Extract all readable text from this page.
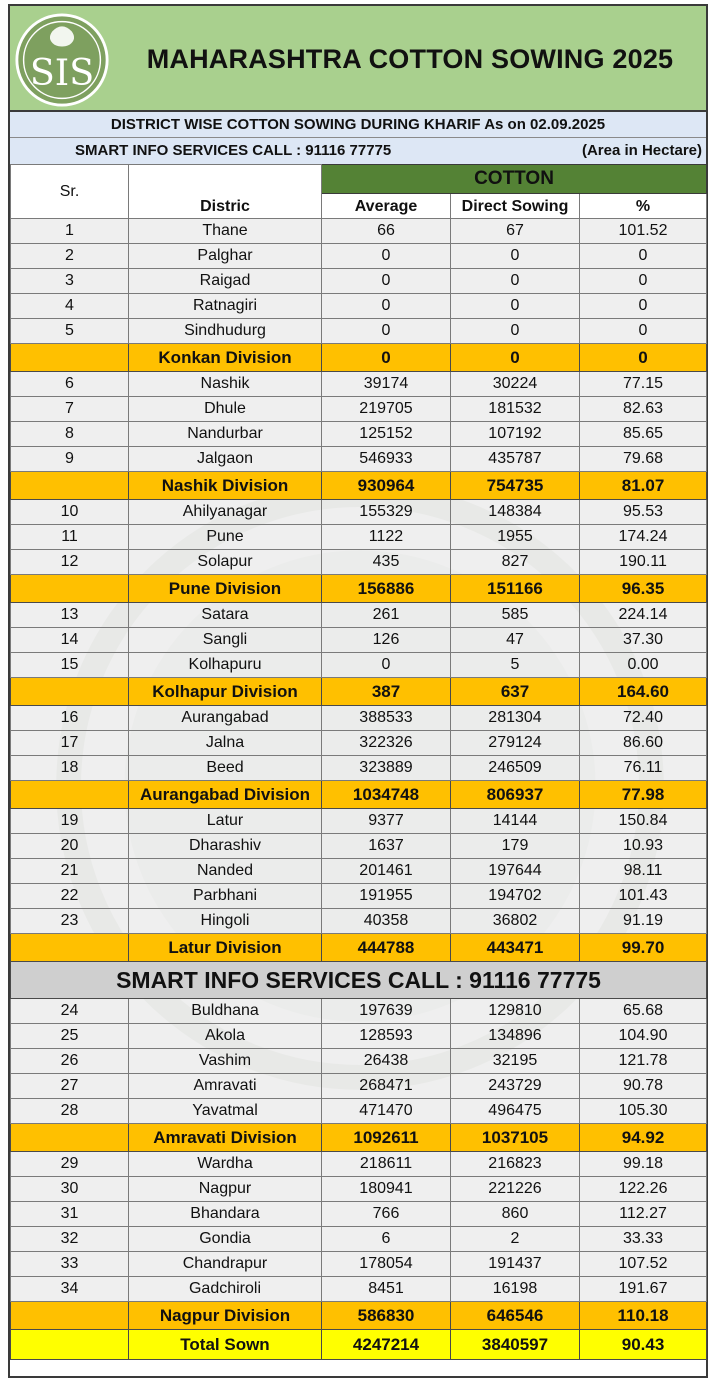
SIS	MAHARASHTRA COTTON SOWING 2025
DISTRICT WISE COTTON SOWING DURING KHARIF As on 02.09.2025
SMART INFO SERVICES CALL : 91116 77775	(Area in Hectare)
Sr.	Distric	COTTON		
		Average	Direct Sowing	%
1	Thane	66	67	101.52
2	Palghar	0	0	0
3	Raigad	0	0	0
4	Ratnagiri	0	0	0
5	Sindhudurg	0	0	0
	Konkan Division	0	0	0
6	Nashik	39174	30224	77.15
7	Dhule	219705	181532	82.63
8	Nandurbar	125152	107192	85.65
9	Jalgaon	546933	435787	79.68
	Nashik Division	930964	754735	81.07
10	Ahilyanagar	155329	148384	95.53
11	Pune	1122	1955	174.24
12	Solapur	435	827	190.11
	Pune Division	156886	151166	96.35
13	Satara	261	585	224.14
14	Sangli	126	47	37.30
15	Kolhapuru	0	5	0.00
	Kolhapur Division	387	637	164.60
16	Aurangabad	388533	281304	72.40
17	Jalna	322326	279124	86.60
18	Beed	323889	246509	76.11
	Aurangabad Division	1034748	806937	77.98
19	Latur	9377	14144	150.84
20	Dharashiv	1637	179	10.93
21	Nanded	201461	197644	98.11
22	Parbhani	191955	194702	101.43
23	Hingoli	40358	36802	91.19
	Latur Division	444788	443471	99.70
SMART INFO SERVICES CALL : 91116 77775				
24	Buldhana	197639	129810	65.68
25	Akola	128593	134896	104.90
26	Vashim	26438	32195	121.78
27	Amravati	268471	243729	90.78
28	Yavatmal	471470	496475	105.30
	Amravati Division	1092611	1037105	94.92
29	Wardha	218611	216823	99.18
30	Nagpur	180941	221226	122.26
31	Bhandara	766	860	112.27
32	Gondia	6	2	33.33
33	Chandrapur	178054	191437	107.52
34	Gadchiroli	8451	16198	191.67
	Nagpur Division	586830	646546	110.18
	Total Sown	4247214	3840597	90.43
